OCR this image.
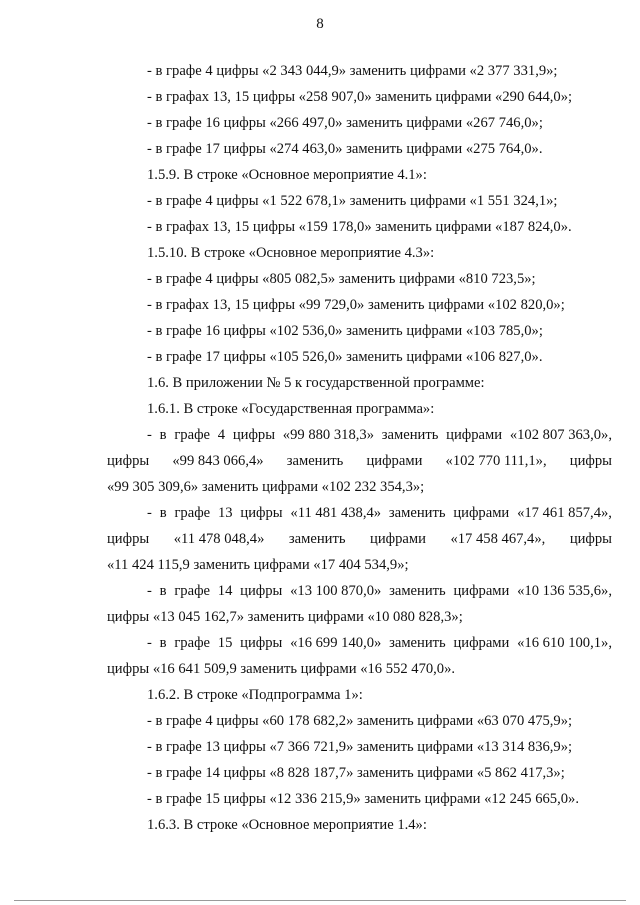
8
- в графе 4 цифры «2 343 044,9» заменить цифрами «2 377 331,9»;
- в графах 13, 15 цифры «258 907,0» заменить цифрами «290 644,0»;
- в графе 16 цифры «266 497,0» заменить цифрами «267 746,0»;
- в графе 17 цифры «274 463,0» заменить цифрами «275 764,0».
1.5.9. В строке «Основное мероприятие 4.1»:
- в графе 4 цифры «1 522 678,1» заменить цифрами «1 551 324,1»;
- в графах 13, 15 цифры «159 178,0» заменить цифрами «187 824,0».
1.5.10. В строке «Основное мероприятие 4.3»:
- в графе 4 цифры «805 082,5» заменить цифрами «810 723,5»;
- в графах 13, 15 цифры «99 729,0» заменить цифрами «102 820,0»;
- в графе 16 цифры «102 536,0» заменить цифрами «103 785,0»;
- в графе 17 цифры «105 526,0» заменить цифрами «106 827,0».
1.6. В приложении № 5 к государственной программе:
1.6.1. В строке «Государственная программа»:
- в графе 4 цифры «99 880 318,3» заменить цифрами «102 807 363,0»,
цифры «99 843 066,4» заменить цифрами «102 770 111,1», цифры
«99 305 309,6» заменить цифрами «102 232 354,3»;
- в графе 13 цифры «11 481 438,4» заменить цифрами «17 461 857,4»,
цифры «11 478 048,4» заменить цифрами «17 458 467,4», цифры
«11 424 115,9 заменить цифрами «17 404 534,9»;
- в графе 14 цифры «13 100 870,0» заменить цифрами «10 136 535,6»,
цифры «13 045 162,7» заменить цифрами «10 080 828,3»;
- в графе 15 цифры «16 699 140,0» заменить цифрами «16 610 100,1»,
цифры «16 641 509,9 заменить цифрами «16 552 470,0».
1.6.2. В строке «Подпрограмма 1»:
- в графе 4 цифры «60 178 682,2» заменить цифрами «63 070 475,9»;
- в графе 13 цифры «7 366 721,9» заменить цифрами «13 314 836,9»;
- в графе 14 цифры «8 828 187,7» заменить цифрами «5 862 417,3»;
- в графе 15 цифры «12 336 215,9» заменить цифрами «12 245 665,0».
1.6.3. В строке «Основное мероприятие 1.4»:
